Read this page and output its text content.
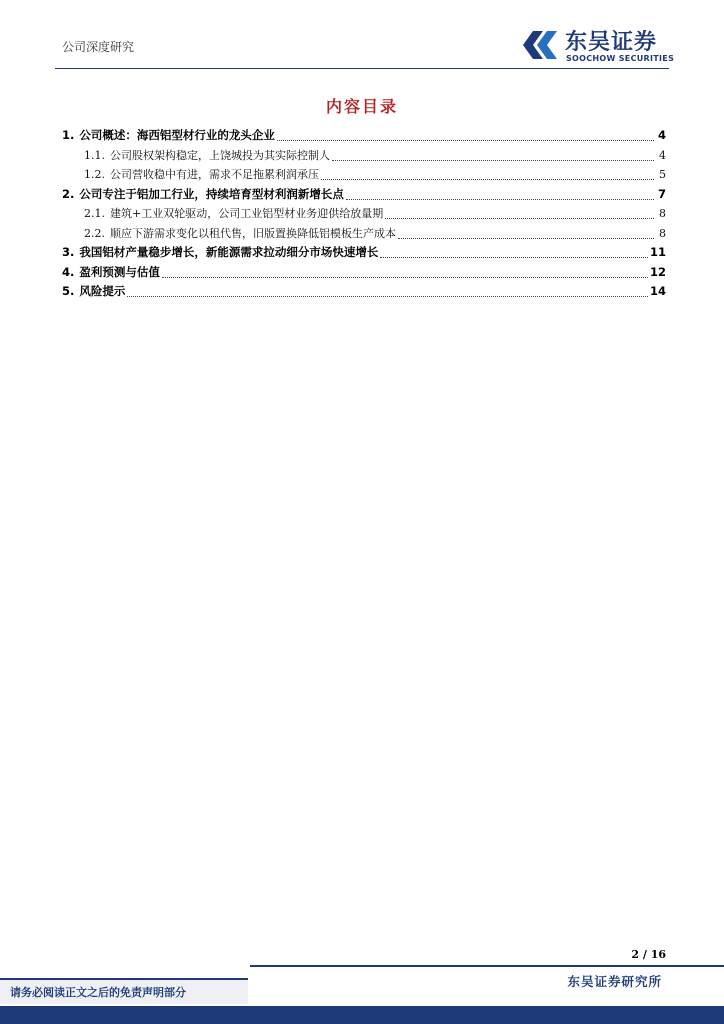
公司深度研究	东吴证券
SOOCHOW SECURITIES
内容目录
1. 公司概述：海西铝型材行业的龙头企业	4
1.1. 公司股权架构稳定，上饶城投为其实际控制人	4
1.2. 公司营收稳中有进，需求不足拖累利润承压	5
2. 公司专注于铝加工行业，持续培育型材利润新增长点	7
2.1. 建筑+工业双轮驱动，公司工业铝型材业务迎供给放量期	8
2.2. 顺应下游需求变化以租代售，旧版置换降低铝模板生产成本	8
3. 我国铝材产量稳步增长，新能源需求拉动细分市场快速增长	11
4. 盈利预测与估值	12
5. 风险提示	14
2 / 16
东吴证券研究所
请务必阅读正文之后的免责声明部分
